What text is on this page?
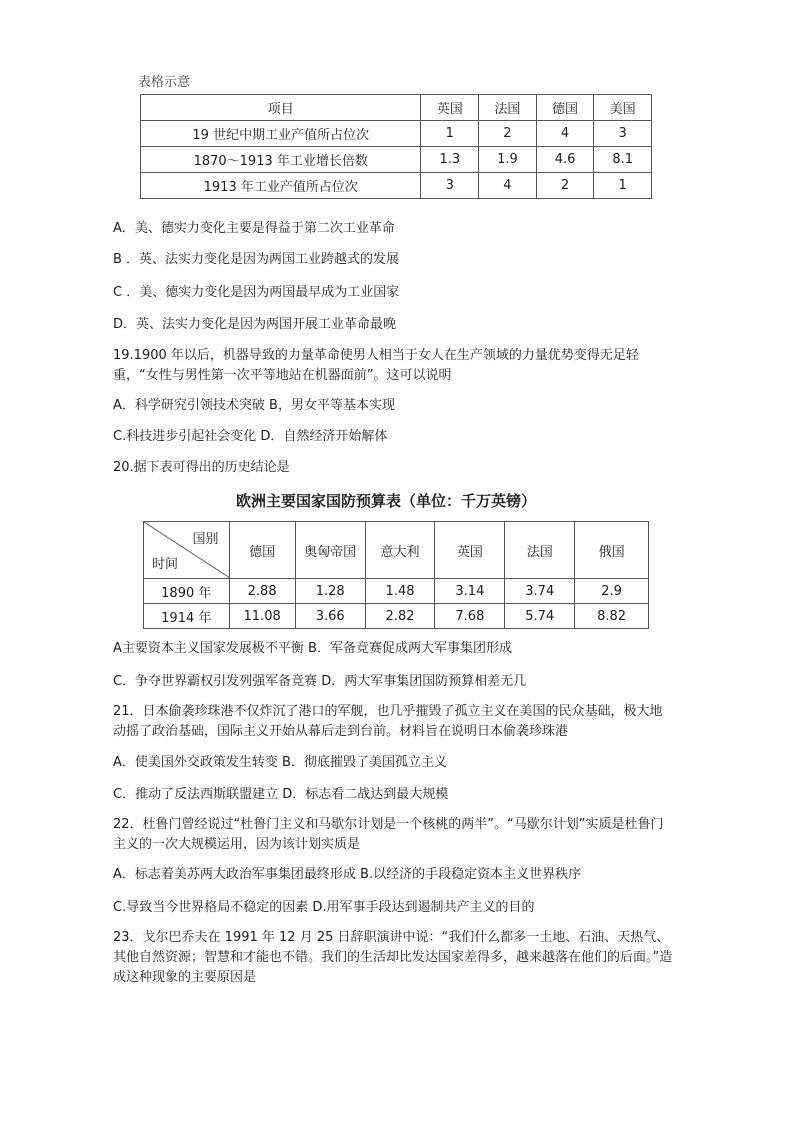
表格示意
项目	英国	法国	德国	美国
19 世纪中期工业产值所占位次	1	2	4	3
1870～1913 年工业增长倍数	1.3	1.9	4.6	8.1
1913 年工业产值所占位次	3	4	2	1
A．美、德实力变化主要是得益于第二次工业革命
B ．英、法实力变化是因为两国工业跨越式的发展
C ．美、德实力变化是因为两国最早成为工业国家
D．英、法实力变化是因为两国开展工业革命最晚
19.1900 年以后，机器导致的力量革命使男人相当于女人在生产领域的力量优势变得无足轻重，“女性与男性第一次平等地站在机器面前”。这可以说明
A．科学研究引领技术突破 B，男女平等基本实现
C.科技进步引起社会变化 D．自然经济开始解体
20.据下表可得出的历史结论是
欧洲主要国家国防预算表（单位：千万英镑）
国别
时间	德国	奥匈帝国	意大利	英国	法国	俄国
1890 年	2.88	1.28	1.48	3.14	3.74	2.9
1914 年	11.08	3.66	2.82	7.68	5.74	8.82
A主要资本主义国家发展极不平衡 B．军备竞赛促成两大军事集团形成
C．争夺世界霸权引发列强军备竞赛 D．两大军事集团国防预算相差无几
21．日本偷袭珍珠港不仅炸沉了港口的军舰，也几乎摧毁了孤立主义在美国的民众基础，极大地动摇了政治基础，国际主义开始从幕后走到台前。材料旨在说明日本偷袭珍珠港
A．使美国外交政策发生转变 B．彻底摧毁了美国孤立主义
C．推动了反法西斯联盟建立 D．标志看二战达到最大规模
22．杜鲁门曾经说过“杜鲁门主义和马歇尔计划是一个核桃的两半”。“马歇尔计划”实质是杜鲁门主义的一次大规模运用，因为该计划实质是
A．标志着美苏两大政治军事集团最终形成 B.以经济的手段稳定资本主义世界秩序
C.导致当今世界格局不稳定的因素 D.用军事手段达到遏制共产主义的目的
23．戈尔巴乔夫在 1991 年 12 月 25 日辞职演讲中说：“我们什么都多一土地、石油、天热气、其他自然资源；智慧和才能也不错。我们的生活却比发达国家差得多，越来越落在他们的后面。”造成这种现象的主要原因是
